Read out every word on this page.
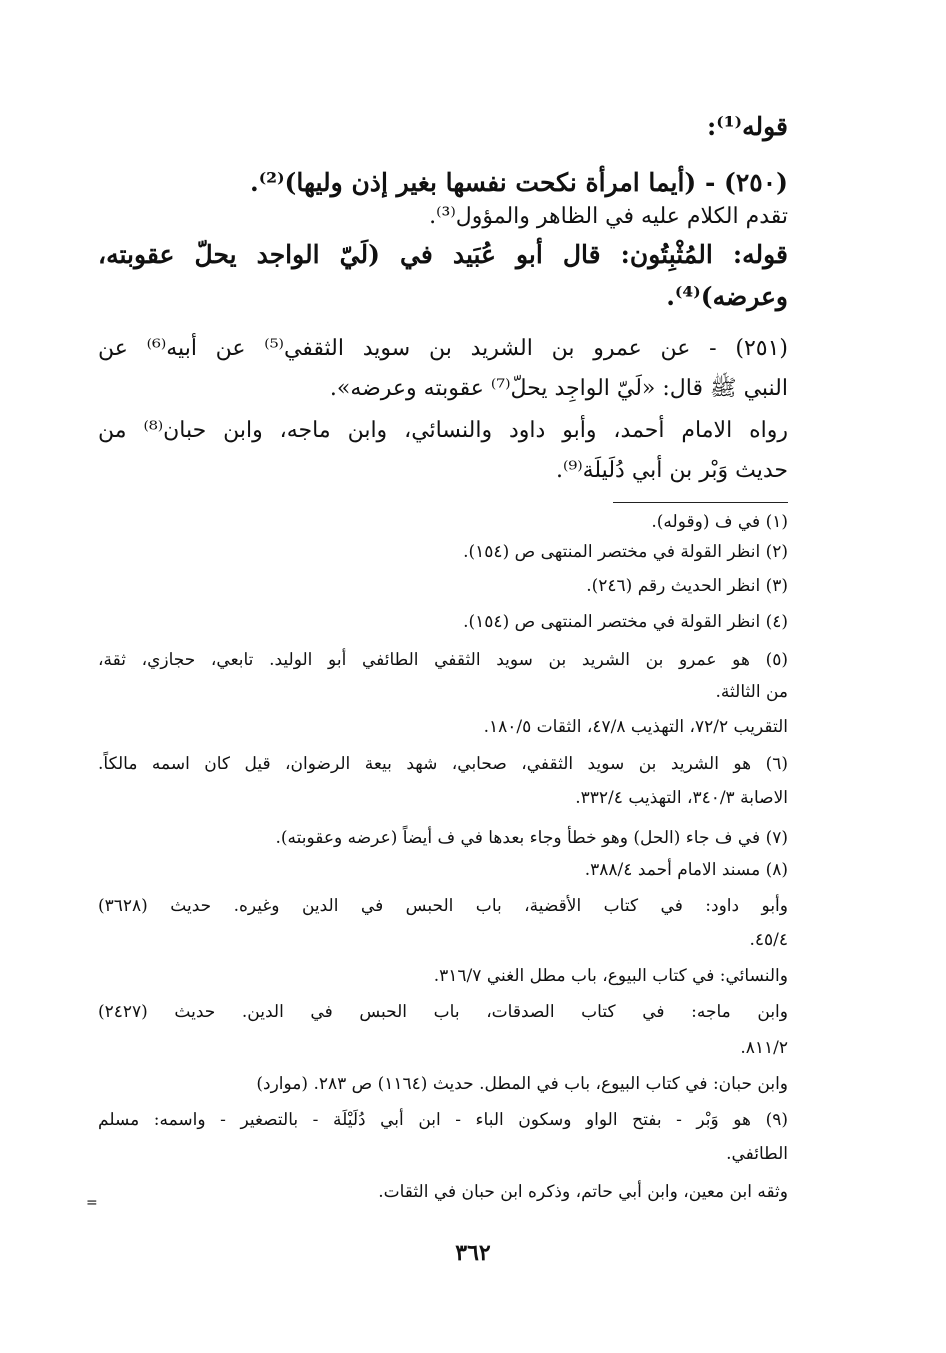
قوله⁽¹⁾:
(٢٥٠) - (أيما امرأة نكحت نفسها بغير إذن وليها)⁽²⁾.
تقدم الكلام عليه في الظاهر والمؤول⁽³⁾.
قوله: المُثْبِتُون: قال أبو عُبَيد في (لَيّ الواجد يحلّ عقوبته،
وعرضه)⁽⁴⁾.
(٢٥١) - عن عمرو بن الشريد بن سويد الثقفي⁽⁵⁾ عن أبيه⁽⁶⁾ عن
النبي ﷺ قال: «لَيّ الواجِد يحلّ⁽⁷⁾ عقوبته وعرضه».
رواه الامام أحمد، وأبو داود والنسائي، وابن ماجه، وابن حبان⁽⁸⁾ من
حديث وَبْر بن أبي دُلَيلَة⁽⁹⁾.
(١) في ف (وقوله).
(٢) انظر القولة في مختصر المنتهى ص (١٥٤).
(٣) انظر الحديث رقم (٢٤٦).
(٤) انظر القولة في مختصر المنتهى ص (١٥٤).
(٥) هو عمرو بن الشريد بن سويد الثقفي الطائفي أبو الوليد. تابعي، حجازي، ثقة،
من الثالثة.
التقريب ٧٢/٢، التهذيب ٤٧/٨، الثقات ١٨٠/٥.
(٦) هو الشريد بن سويد الثقفي، صحابي، شهد بيعة الرضوان، قيل كان اسمه مالكاً.
الاصابة ٣٤٠/٣، التهذيب ٣٣٢/٤.
(٧) في ف جاء (الحل) وهو خطأ وجاء بعدها في ف أيضاً (عرضه وعقوبته).
(٨) مسند الامام أحمد ٣٨٨/٤.
وأبو داود: في كتاب الأقضية، باب الحبس في الدين وغيره. حديث (٣٦٢٨)
٤٥/٤.
والنسائي: في كتاب البيوع، باب مطل الغني ٣١٦/٧.
وابن ماجه: في كتاب الصدقات، باب الحبس في الدين. حديث (٢٤٢٧)
٨١١/٢.
وابن حبان: في كتاب البيوع، باب في المطل. حديث (١١٦٤) ص ٢٨٣. (موارد)
(٩) هو وَبْر - بفتح الواو وسكون الباء - ابن أبي دُلَيْلَة - بالتصغير - واسمه: مسلم
الطائفي.
وثقه ابن معين، وابن أبي حاتم، وذكره ابن حبان في الثقات.
=
٣٦٢
